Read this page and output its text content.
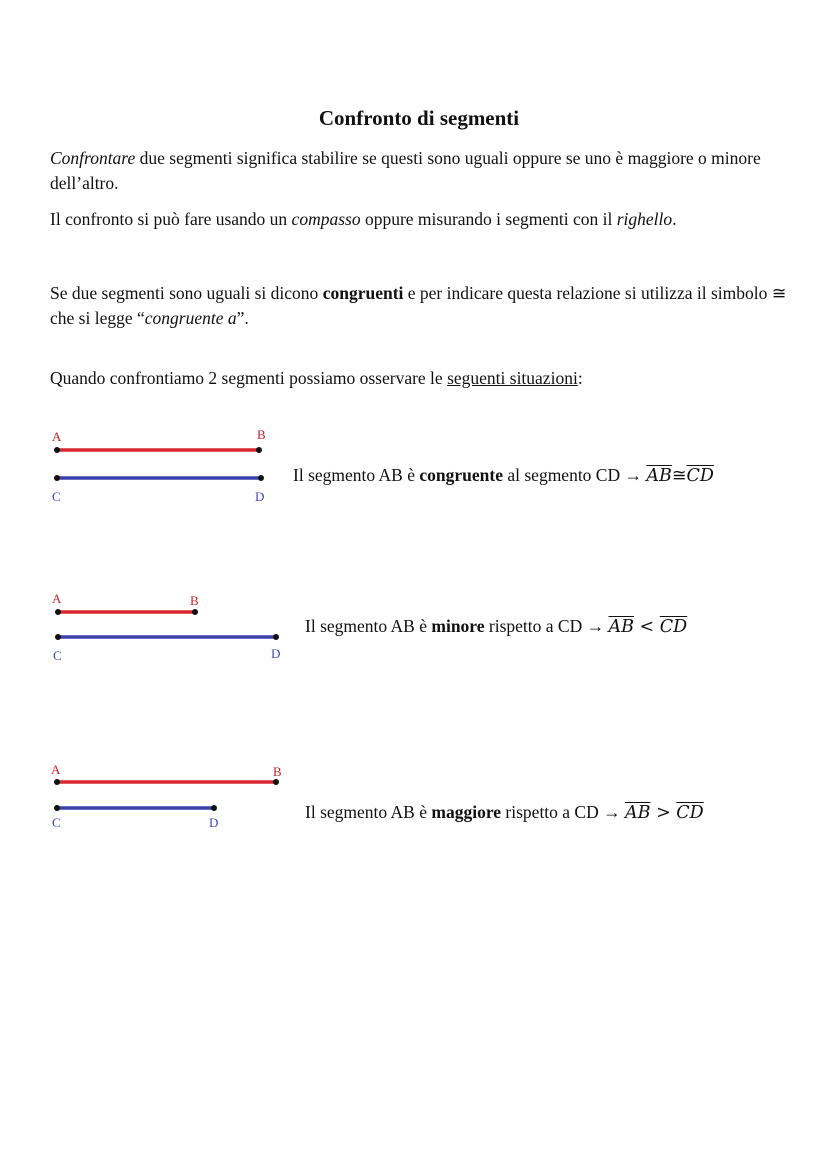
Confronto di segmenti
Confrontare due segmenti significa stabilire se questi sono uguali oppure se uno è maggiore o minore dell’altro.
Il confronto si può fare usando un compasso oppure misurando i segmenti con il righello.
Se due segmenti sono uguali si dicono congruenti e per indicare questa relazione si utilizza il simbolo ≅ che si legge “congruente a”.
Quando confrontiamo 2 segmenti possiamo osservare le seguenti situazioni:
A	B
C	D
Il segmento AB è congruente al segmento CD → $\overline{AB}≅\overline{CD}$
A	B
C	D
Il segmento AB è minore rispetto a CD → $\overline{AB} < \overline{CD}$
A	B
C	D
Il segmento AB è maggiore rispetto a CD → $\overline{AB} > \overline{CD}$
